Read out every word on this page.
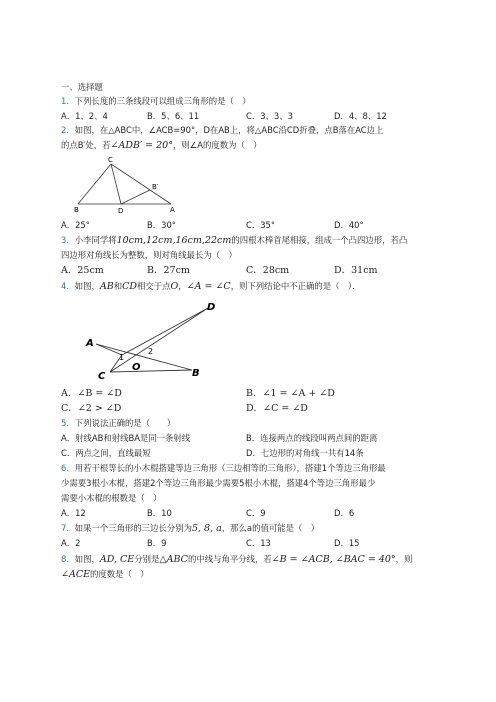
一、选择题
1．下列长度的三条线段可以组成三角形的是（　）
A．1、2、4	B．5、6、11	C．3、3、3	D．4、8、12
2．如图，在△ABC中，∠ACB=90°，D在AB上，将△ABC沿CD折叠，点B落在AC边上
的点B′处，若∠ADB′ = 20°，则∠A的度数为（　）
C
B′
B	D	A
A．25°	B．30°	C．35°	D．40°
3．小李同学将10cm,12cm,16cm,22cm的四根木棒首尾相接，组成一个凸四边形，若凸
四边形对角线长为整数，则对角线最长为（　）
A．25cm	B．27cm	C．28cm	D．31cm
4．如图，AB和CD相交于点O，∠A = ∠C，则下列结论中不正确的是（　）．
A
D
C	B
O
1
2
A．∠B = ∠D	B．∠1 = ∠A + ∠D
C．∠2 > ∠D	D．∠C = ∠D
5．下列说法正确的是（　　）
A．射线AB和射线BA是同一条射线	B．连接两点的线段叫两点间的距离
C．两点之间，直线最短	D．七边形的对角线一共有14条
6．用若干根等长的小木棍搭建等边三角形（三边相等的三角形），搭建1个等边三角形最
少需要3根小木棍，搭建2个等边三角形最少需要5根小木棍，搭建4个等边三角形最少
需要小木棍的根数是（　）
A．12	B．10	C．9	D．6
7．如果一个三角形的三边长分别为5, 8, a，那么a的值可能是（　）
A．2	B．9	C．13	D．15
8．如图，AD, CE分别是△ABC的中线与角平分线，若∠B = ∠ACB, ∠BAC = 40°，则
∠ACE的度数是（　）
